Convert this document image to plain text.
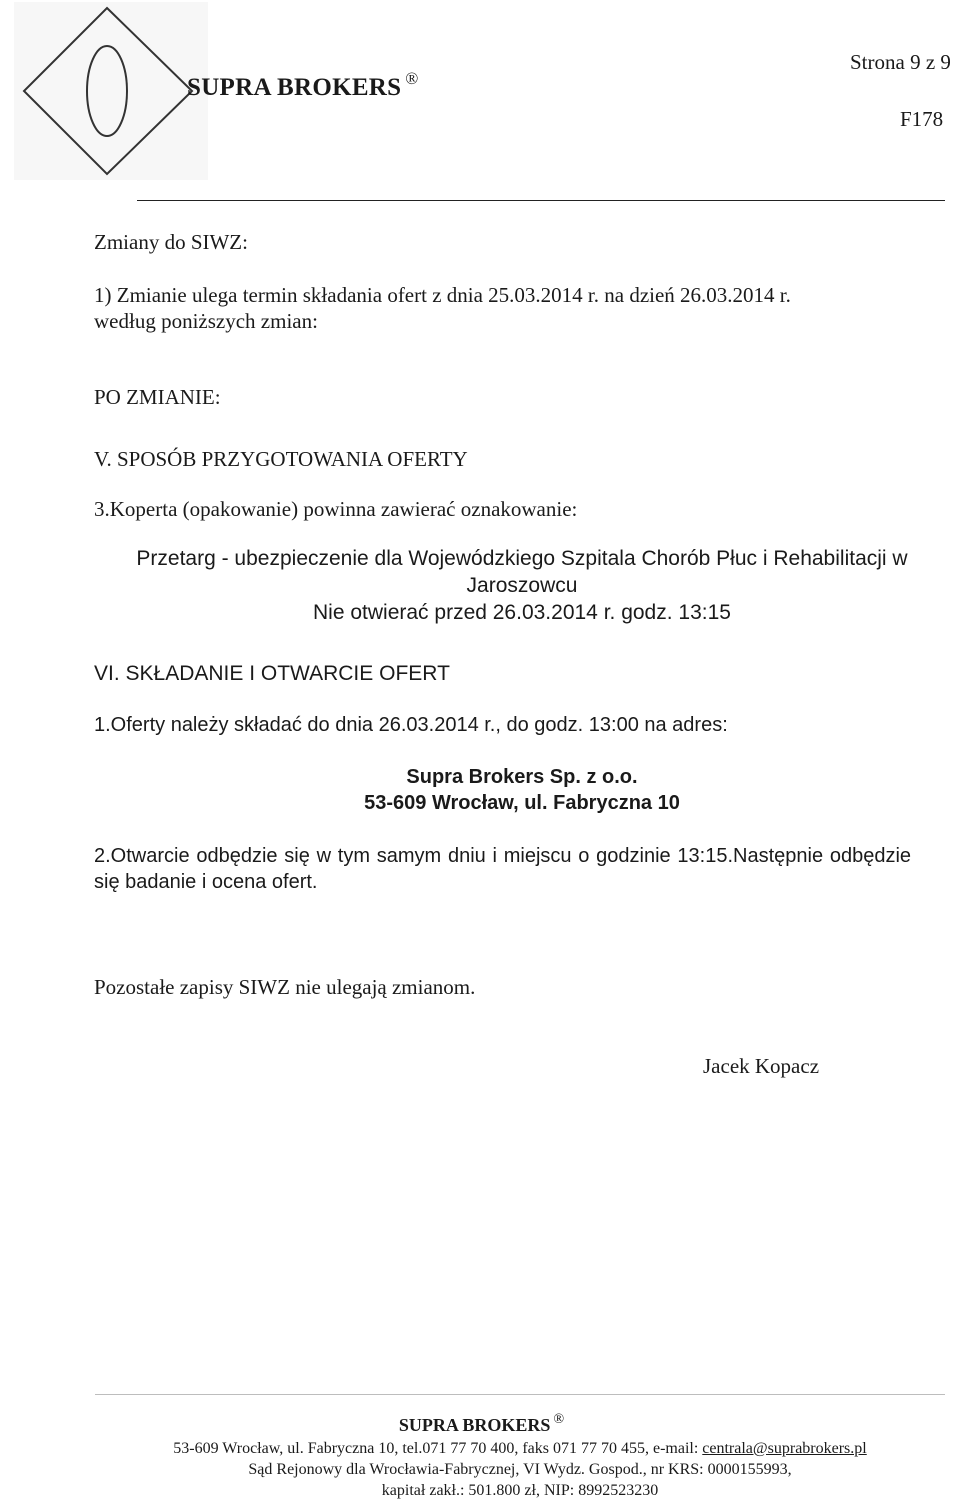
SUPRA BROKERS ®
Strona 9 z 9
F178
Zmiany do SIWZ:
1) Zmianie ulega termin składania ofert z dnia 25.03.2014 r. na dzień 26.03.2014 r.
według poniższych zmian:
PO ZMIANIE:
V. SPOSÓB PRZYGOTOWANIA OFERTY
3.Koperta (opakowanie) powinna zawierać oznakowanie:
Przetarg - ubezpieczenie dla Wojewódzkiego Szpitala Chorób Płuc i Rehabilitacji w
Jaroszowcu
Nie otwierać przed 26.03.2014 r. godz. 13:15
VI. SKŁADANIE I OTWARCIE OFERT
1.Oferty należy składać do dnia 26.03.2014 r., do godz. 13:00 na adres:
Supra Brokers Sp. z o.o.
53-609 Wrocław, ul. Fabryczna 10
2.Otwarcie odbędzie się w tym samym dniu i miejscu o godzinie 13:15.Następnie odbędzie
się badanie i ocena ofert.
Pozostałe zapisy SIWZ nie ulegają zmianom.
Jacek Kopacz
SUPRA BROKERS ®
53-609 Wrocław, ul. Fabryczna 10, tel.071 77 70 400, faks 071 77 70 455, e-mail: centrala@suprabrokers.pl
Sąd Rejonowy dla Wrocławia-Fabrycznej, VI Wydz. Gospod., nr KRS: 0000155993,
kapitał zakł.: 501.800 zł, NIP: 8992523230
